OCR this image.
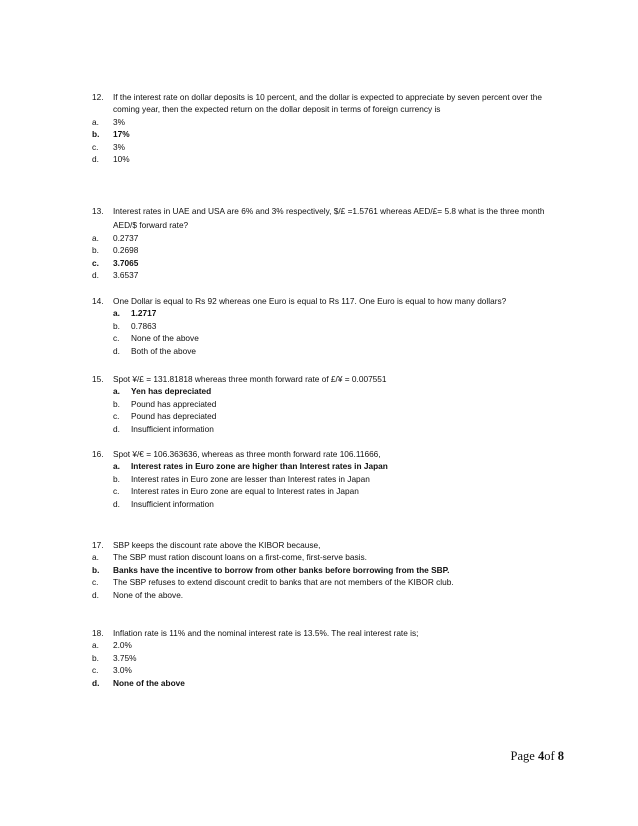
12. If the interest rate on dollar deposits is 10 percent, and the dollar is expected to appreciate by seven percent over the coming year, then the expected return on the dollar deposit in terms of foreign currency is
a. 3%
b. 17%
c. 3%
d. 10%
13. Interest rates in UAE and USA are 6% and 3% respectively, $/£ =1.5761 whereas AED/£= 5.8 what is the three month AED/$ forward rate?
a. 0.2737
b. 0.2698
c. 3.7065
d. 3.6537
14. One Dollar is equal to Rs 92 whereas one Euro is equal to Rs 117. One Euro is equal to how many dollars?
a. 1.2717
b. 0.7863
c. None of the above
d. Both of the above
15. Spot ¥/£ = 131.81818 whereas three month forward rate of £/¥ = 0.007551
a. Yen has depreciated
b. Pound has appreciated
c. Pound has depreciated
d. Insufficient information
16. Spot ¥/€ = 106.363636, whereas as three month forward rate 106.11666,
a. Interest rates in Euro zone are higher than Interest rates in Japan
b. Interest rates in Euro zone are lesser than Interest rates in Japan
c. Interest rates in Euro zone are equal to Interest rates in Japan
d. Insufficient information
17. SBP keeps the discount rate above the KIBOR because,
a. The SBP must ration discount loans on a first-come, first-serve basis.
b. Banks have the incentive to borrow from other banks before borrowing from the SBP.
c. The SBP refuses to extend discount credit to banks that are not members of the KIBOR club.
d. None of the above.
18. Inflation rate is 11% and the nominal interest rate is 13.5%. The real interest rate is;
a. 2.0%
b. 3.75%
c. 3.0%
d. None of the above
Page 4of 8
